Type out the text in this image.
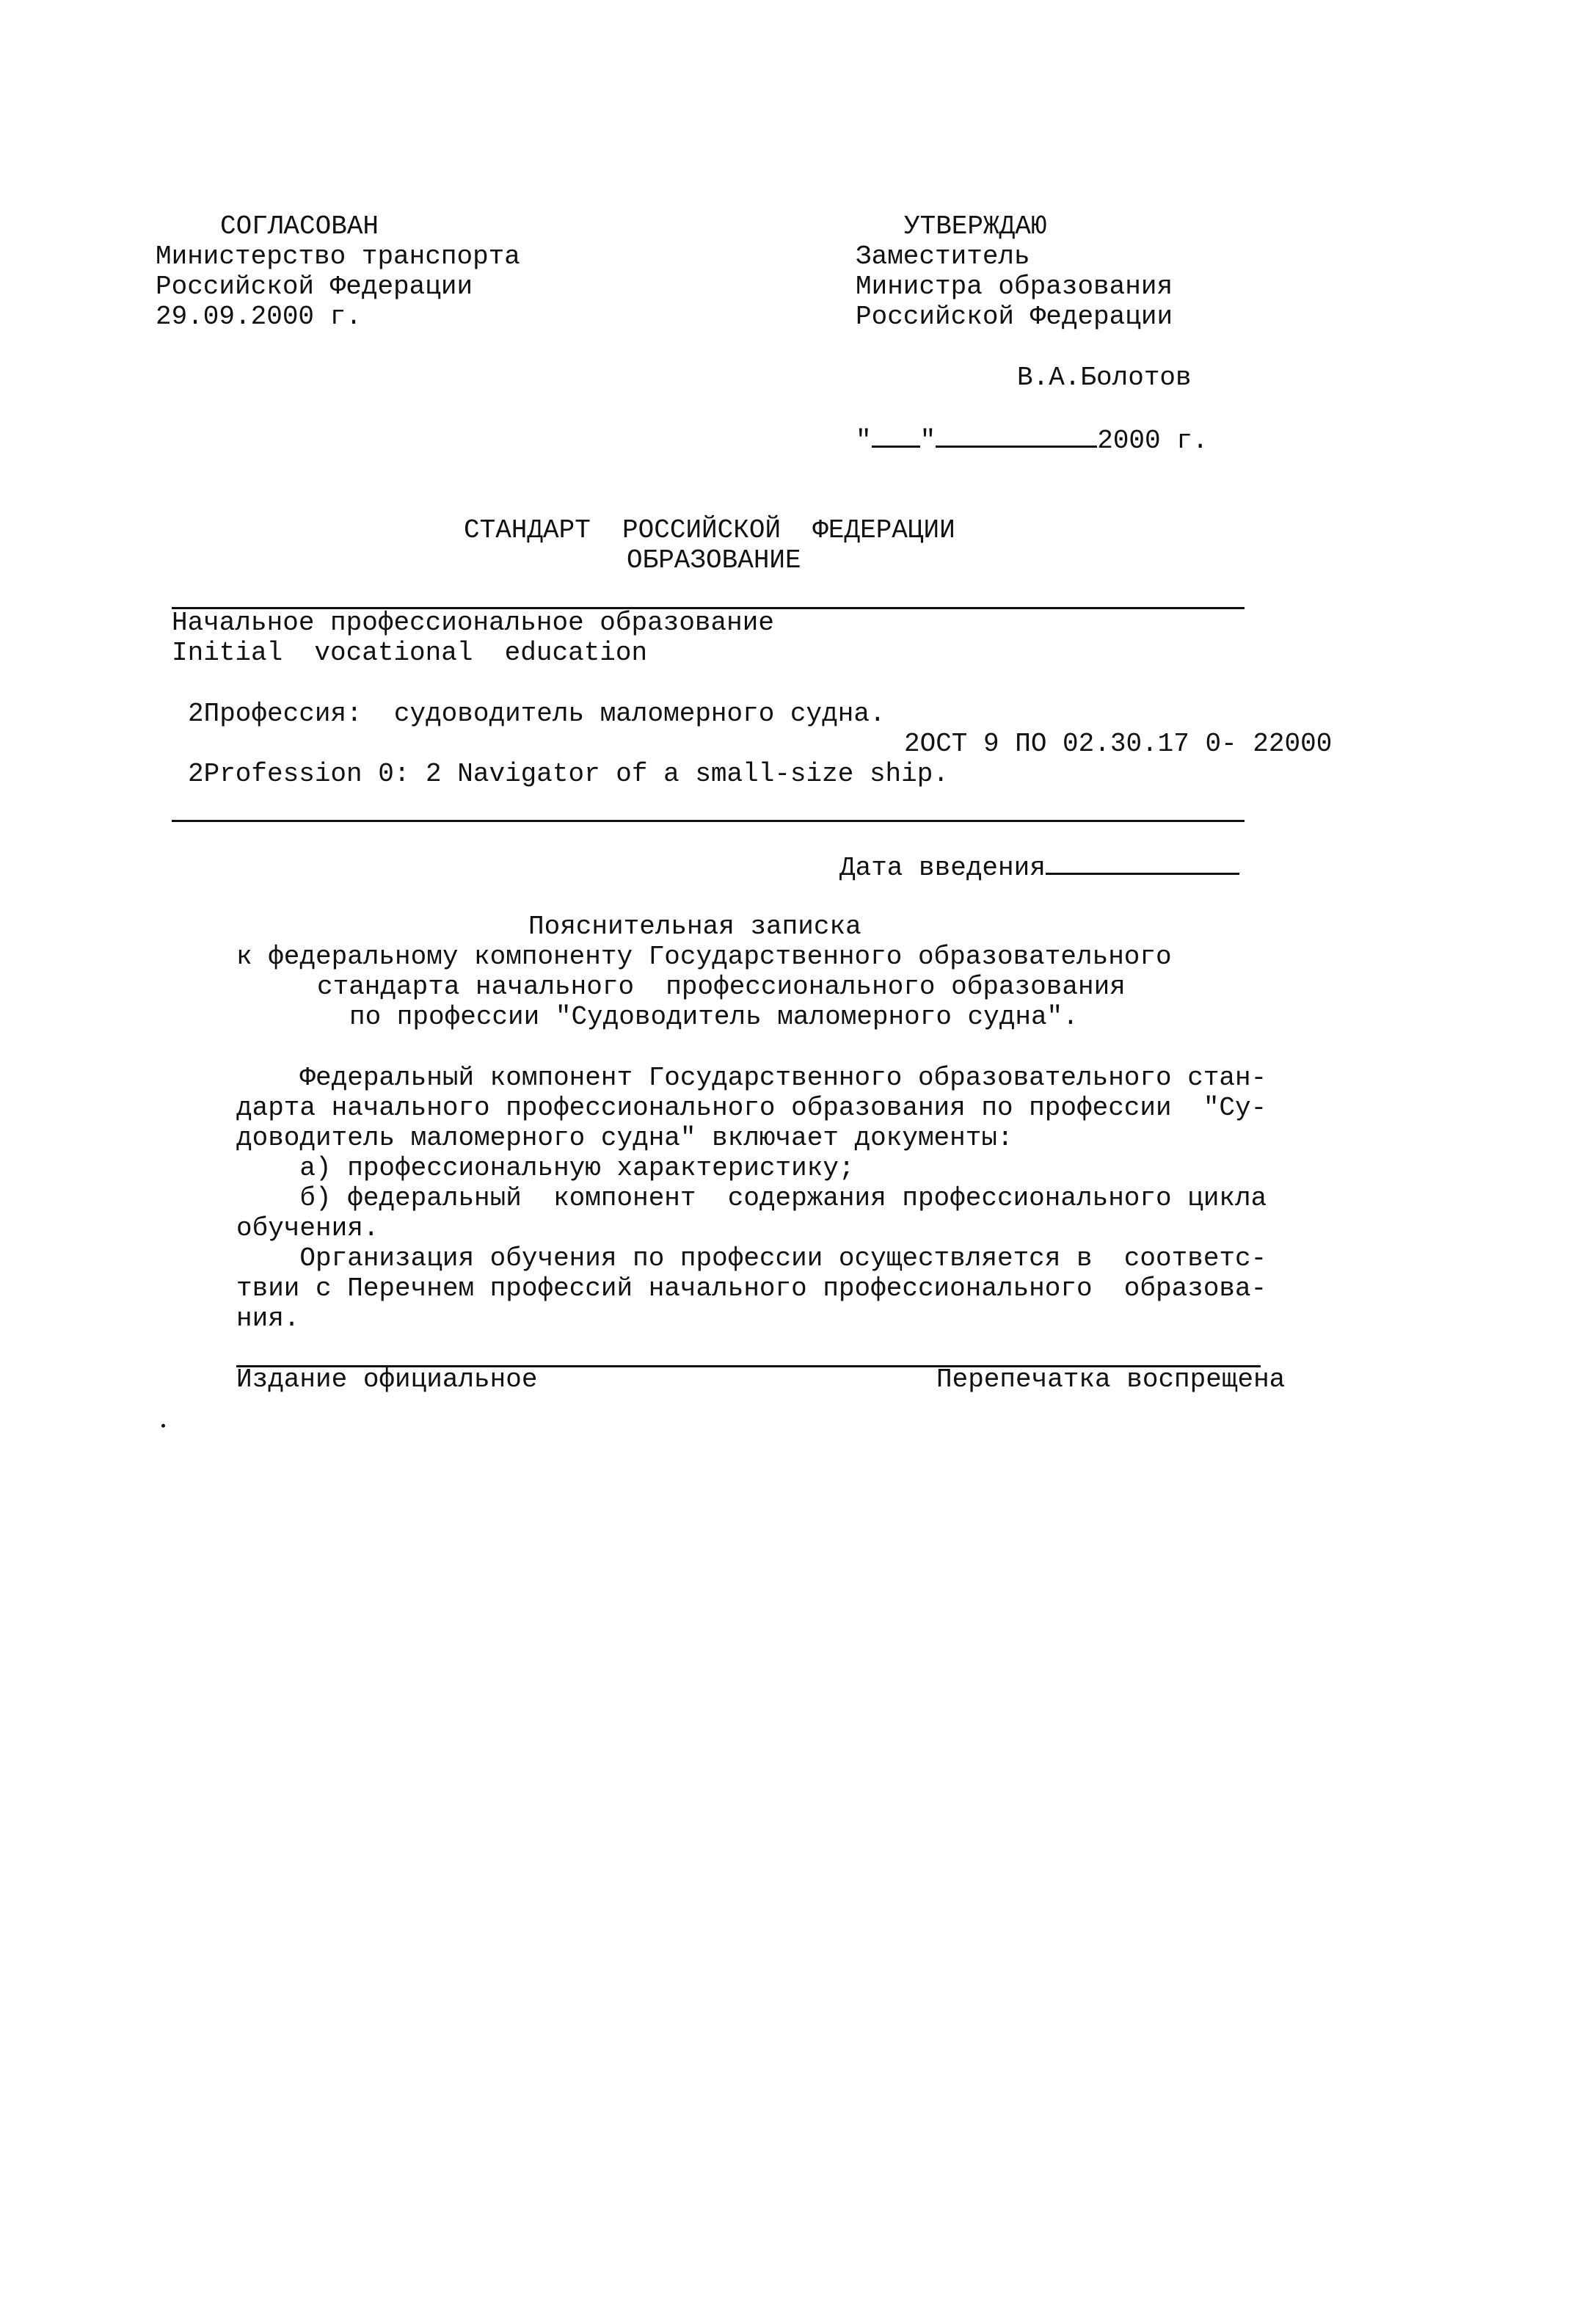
СОГЛАСОВАН
Министерство транспорта
Российской Федерации
29.09.2000 г.
УТВЕРЖДАЮ
Заместитель
Министра образования
Российской Федерации
В.А.Болотов
" "	2000 г.
СТАНДАРТ  РОССИЙСКОЙ  ФЕДЕРАЦИИ
ОБРАЗОВАНИЕ
Начальное профессиональное образование
Initial  vocational  education
2Профессия:  судоводитель маломерного судна.
2ОСТ 9 ПО 02.30.17 0- 22000
2Profession 0: 2 Navigator of a small-size ship.
Дата введения
Пояснительная записка
к федеральному компоненту Государственного образовательного
стандарта начального  профессионального образования
по профессии "Судоводитель маломерного судна".
Федеральный компонент Государственного образовательного стан-
дарта начального профессионального образования по профессии  "Су-
доводитель маломерного судна" включает документы:
а) профессиональную характеристику;
б) федеральный  компонент  содержания профессионального цикла
обучения.
Организация обучения по профессии осуществляется в  соответс-
твии с Перечнем профессий начального профессионального  образова-
ния.
Издание официальное	Перепечатка воспрещена
